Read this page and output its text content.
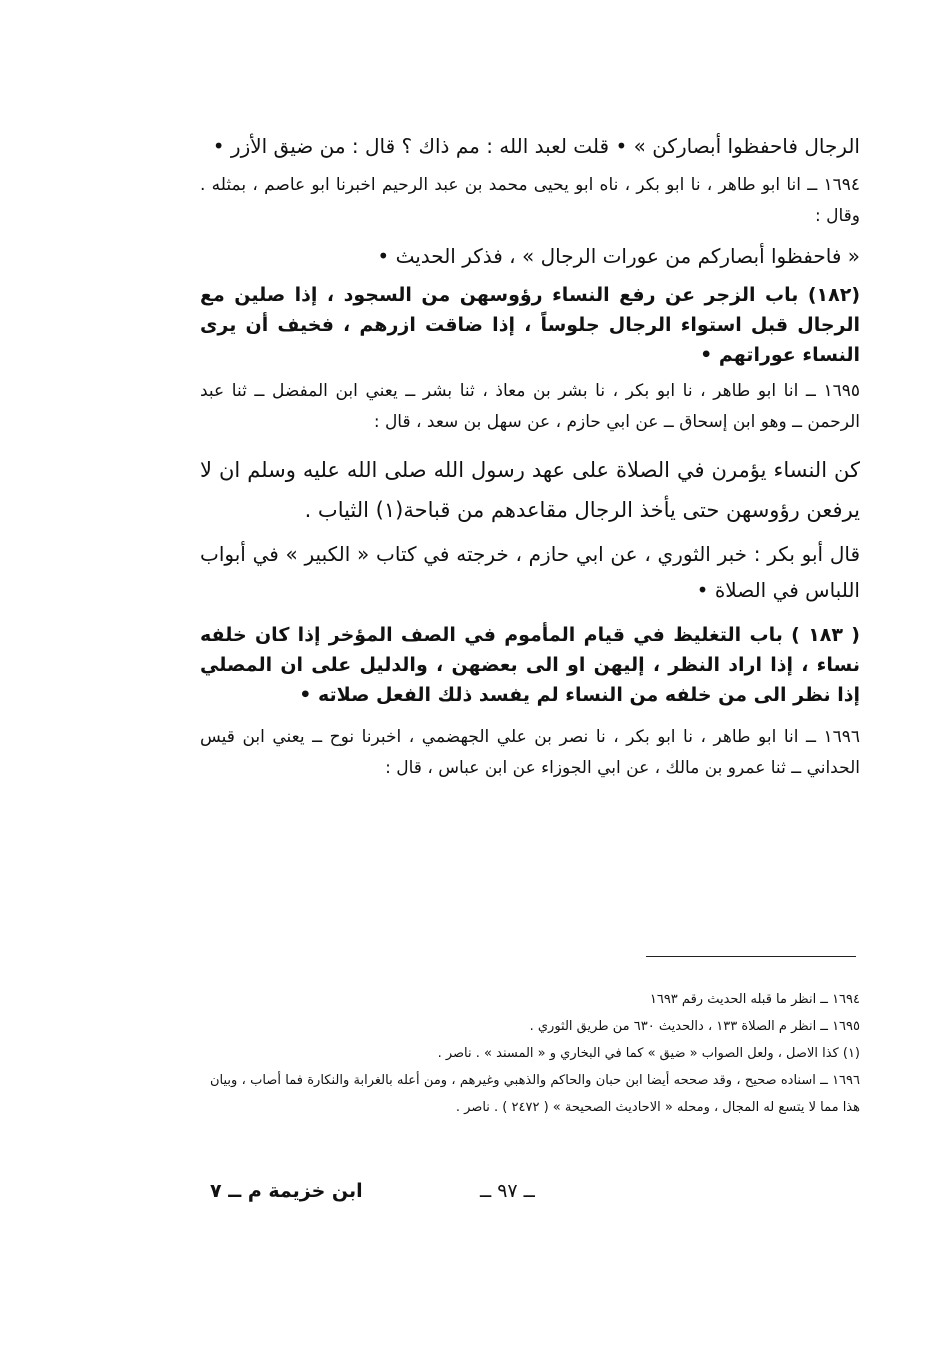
الرجال فاحفظوا أبصاركن » • قلت لعبد الله : مم ذاك ؟ قال : من ضيق الأزر •

١٦٩٤ ــ انا ابو طاهر ، نا ابو بكر ، ناه ابو يحيى محمد بن عبد الرحيم اخبرنا ابو عاصم ، بمثله . وقال :

« فاحفظوا أبصاركم من عورات الرجال » ، فذكر الحديث •

(١٨٢) باب الزجر عن رفع النساء رؤوسهن من السجود ، إذا صلين مع الرجال قبل استواء الرجال جلوساً ، إذا ضاقت ازرهم ، فخيف أن يرى النساء عوراتهم •

١٦٩٥ ــ انا ابو طاهر ، نا ابو بكر ، نا بشر بن معاذ ، ثنا بشر ــ يعني ابن المفضل ــ ثنا عبد الرحمن ــ وهو ابن إسحاق ــ عن ابي حازم ، عن سهل بن سعد ، قال :

كن النساء يؤمرن في الصلاة على عهد رسول الله صلى الله عليه وسلم ان لا يرفعن رؤوسهن حتى يأخذ الرجال مقاعدهم من قباحة(١) الثياب .

قال أبو بكر : خبر الثوري ، عن ابي حازم ، خرجته في كتاب « الكبير » في أبواب اللباس في الصلاة •

( ١٨٣ ) باب التغليظ في قيام المأموم في الصف المؤخر إذا كان خلفه نساء ، إذا اراد النظر ، إليهن او الى بعضهن ، والدليل على ان المصلي إذا نظر الى من خلفه من النساء لم يفسد ذلك الفعل صلاته •

١٦٩٦ ــ انا ابو طاهر ، نا ابو بكر ، نا نصر بن علي الجهضمي ، اخبرنا نوح ــ يعني ابن قيس الحداني ــ ثنا عمرو بن مالك ، عن ابي الجوزاء عن ابن عباس ، قال :

١٦٩٤ ــ انظر ما قبله الحديث رقم ١٦٩٣

١٦٩٥ ــ انظر م الصلاة ١٣٣ ، دالحديث ٦٣٠ من طريق الثوري .

(١) كذا الاصل ، ولعل الصواب « ضيق » كما في البخاري و « المسند » . ناصر .

١٦٩٦ ــ اسناده صحيح ، وقد صححه أيضا ابن حبان والحاكم والذهبي وغيرهم ، ومن أعله بالغرابة والنكارة فما أصاب ، وبيان هذا مما لا يتسع له المجال ، ومحله « الاحاديث الصحيحة » ( ٢٤٧٢ ) . ناصر .

ــ ٩٧ ــ
ابن خزيمة م ــ ٧
